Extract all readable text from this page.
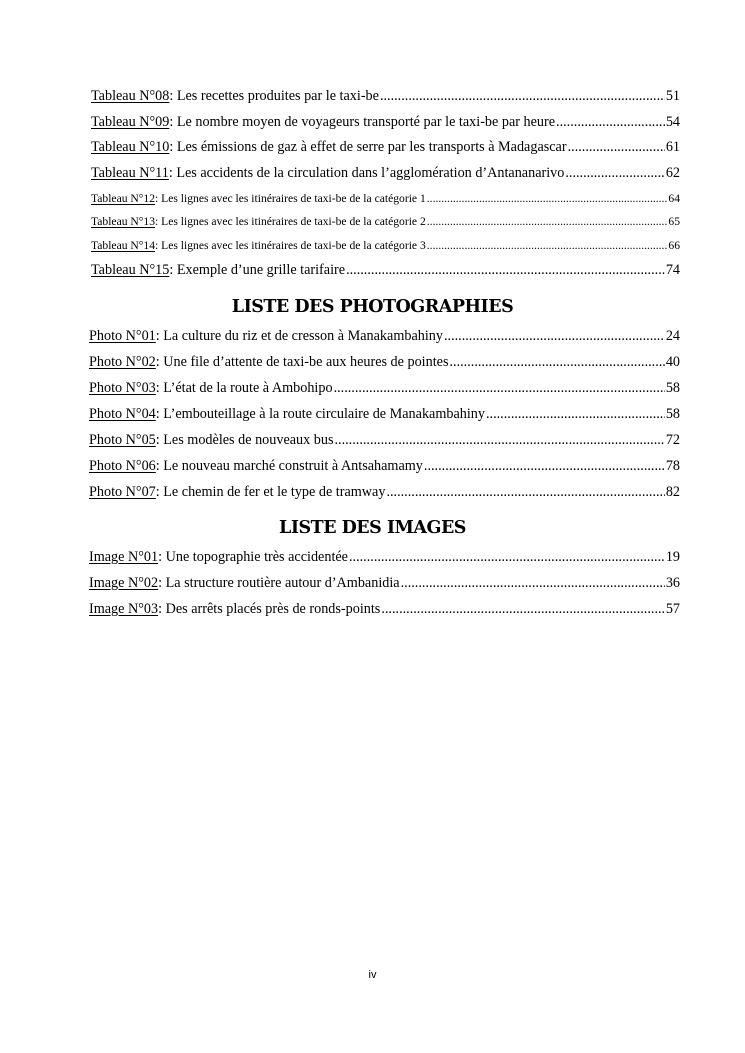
Tableau N°08 : Les recettes produites par le taxi-be .....	51
Tableau N°09 : Le nombre moyen de voyageurs transporté par le taxi-be par heure .....	54
Tableau N°10 : Les émissions de gaz à effet de serre par les transports à Madagascar .....	61
Tableau N°11 : Les accidents de la circulation dans l’agglomération d’Antananarivo .....	62
Tableau N°12 : Les lignes avec les itinéraires de taxi-be de la catégorie 1 .....	64
Tableau N°13 : Les lignes avec les itinéraires de taxi-be de la catégorie 2 .....	65
Tableau N°14 : Les lignes avec les itinéraires de taxi-be de la catégorie 3 .....	66
Tableau N°15 : Exemple d’une grille tarifaire .....	74
LISTE DES PHOTOGRAPHIES
Photo N°01 : La culture du riz et de cresson à Manakambahiny .....	24
Photo N°02 : Une file d’attente de taxi-be aux heures de pointes .....	40
Photo N°03 : L’état de la route à Ambohipo .....	58
Photo N°04 : L’embouteillage à la route circulaire de Manakambahiny .....	58
Photo N°05 : Les modèles de nouveaux bus .....	72
Photo N°06 : Le nouveau marché construit à Antsahamamy .....	78
Photo N°07 : Le chemin de fer et le type de tramway .....	82
LISTE DES IMAGES
Image N°01 : Une topographie très accidentée .....	19
Image N°02 : La structure routière autour d’Ambanidia .....	36
Image N°03 : Des arrêts placés près de ronds-points .....	57
iv
